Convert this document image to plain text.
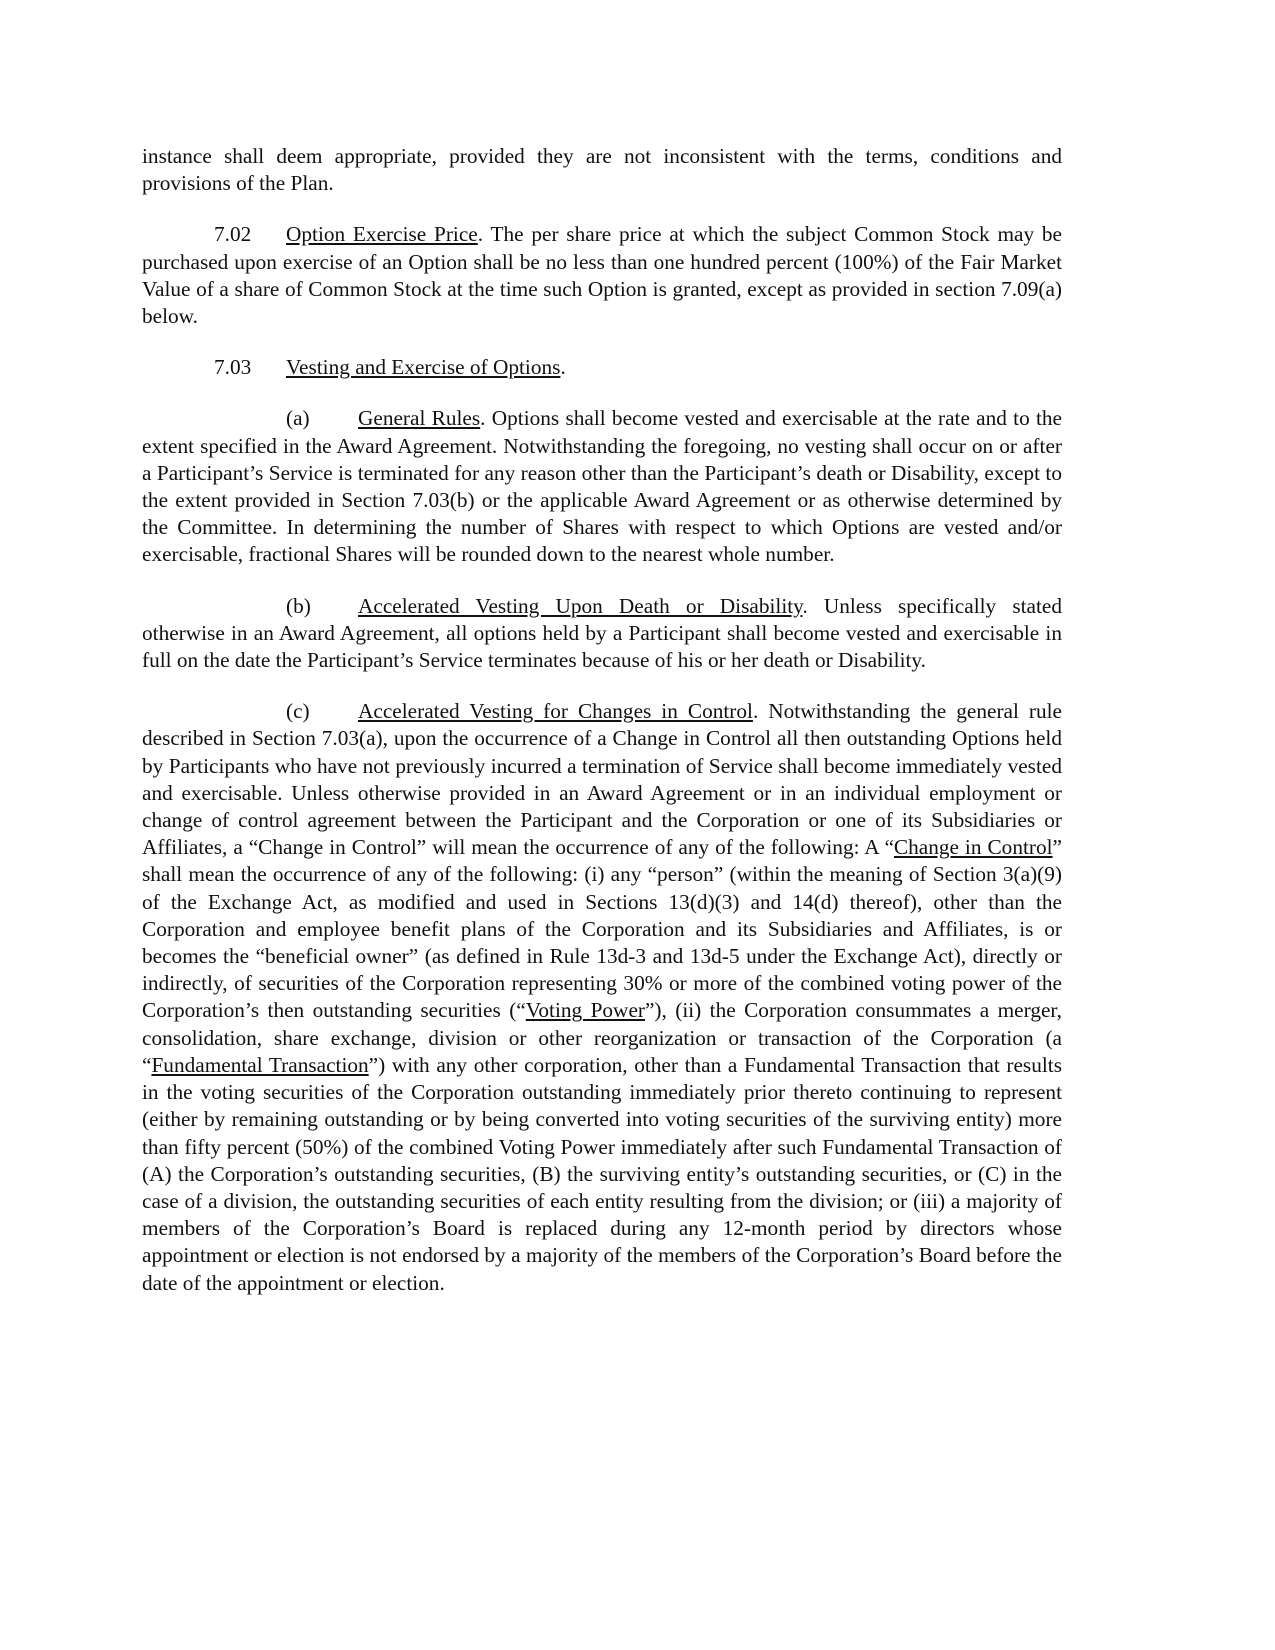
instance shall deem appropriate, provided they are not inconsistent with the terms, conditions and provisions of the Plan.

7.02 Option Exercise Price. The per share price at which the subject Common Stock may be purchased upon exercise of an Option shall be no less than one hundred percent (100%) of the Fair Market Value of a share of Common Stock at the time such Option is granted, except as provided in section 7.09(a) below.

7.03 Vesting and Exercise of Options.

(a) General Rules. Options shall become vested and exercisable at the rate and to the extent specified in the Award Agreement. Notwithstanding the foregoing, no vesting shall occur on or after a Participant’s Service is terminated for any reason other than the Participant’s death or Disability, except to the extent provided in Section 7.03(b) or the applicable Award Agreement or as otherwise determined by the Committee. In determining the number of Shares with respect to which Options are vested and/or exercisable, fractional Shares will be rounded down to the nearest whole number.

(b) Accelerated Vesting Upon Death or Disability. Unless specifically stated otherwise in an Award Agreement, all options held by a Participant shall become vested and exercisable in full on the date the Participant’s Service terminates because of his or her death or Disability.

(c) Accelerated Vesting for Changes in Control. Notwithstanding the general rule described in Section 7.03(a), upon the occurrence of a Change in Control all then outstanding Options held by Participants who have not previously incurred a termination of Service shall become immediately vested and exercisable. Unless otherwise provided in an Award Agreement or in an individual employment or change of control agreement between the Participant and the Corporation or one of its Subsidiaries or Affiliates, a “Change in Control” will mean the occurrence of any of the following: A “Change in Control” shall mean the occurrence of any of the following: (i) any “person” (within the meaning of Section 3(a)(9) of the Exchange Act, as modified and used in Sections 13(d)(3) and 14(d) thereof), other than the Corporation and employee benefit plans of the Corporation and its Subsidiaries and Affiliates, is or becomes the “beneficial owner” (as defined in Rule 13d-3 and 13d-5 under the Exchange Act), directly or indirectly, of securities of the Corporation representing 30% or more of the combined voting power of the Corporation’s then outstanding securities (“Voting Power”), (ii) the Corporation consummates a merger, consolidation, share exchange, division or other reorganization or transaction of the Corporation (a “Fundamental Transaction”) with any other corporation, other than a Fundamental Transaction that results in the voting securities of the Corporation outstanding immediately prior thereto continuing to represent (either by remaining outstanding or by being converted into voting securities of the surviving entity) more than fifty percent (50%) of the combined Voting Power immediately after such Fundamental Transaction of (A) the Corporation’s outstanding securities, (B) the surviving entity’s outstanding securities, or (C) in the case of a division, the outstanding securities of each entity resulting from the division; or (iii) a majority of members of the Corporation’s Board is replaced during any 12-month period by directors whose appointment or election is not endorsed by a majority of the members of the Corporation’s Board before the date of the appointment or election.
